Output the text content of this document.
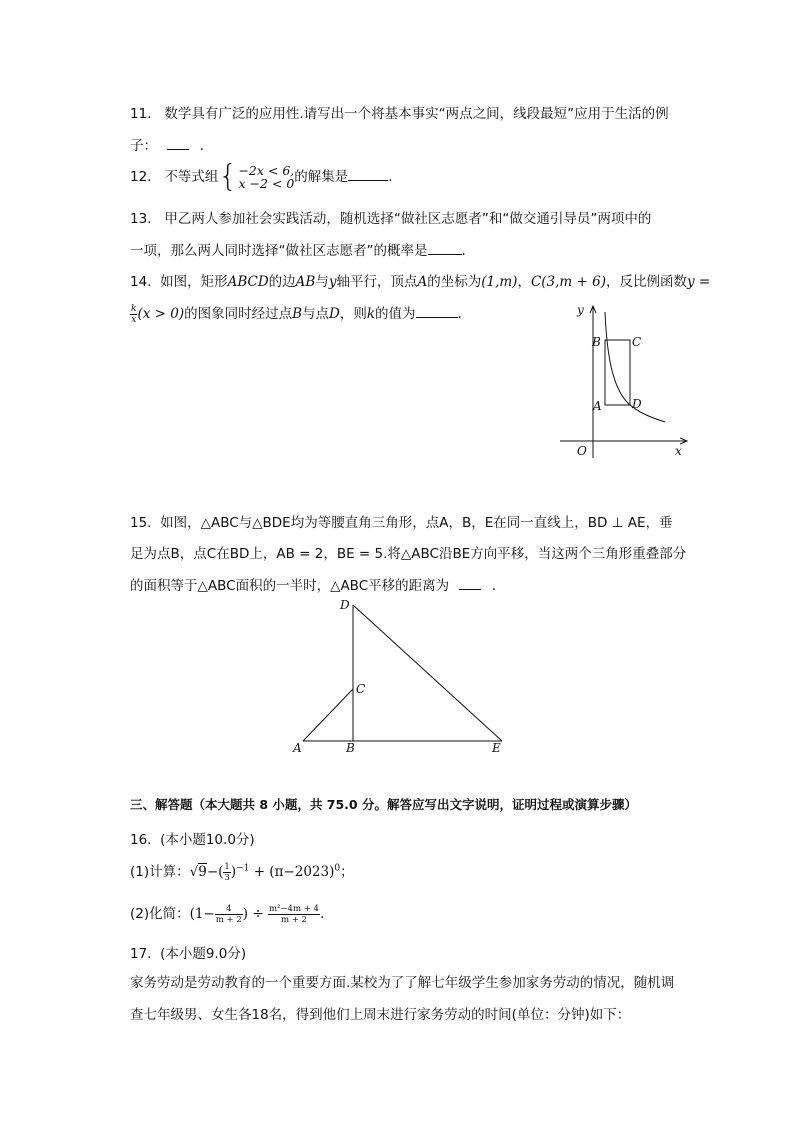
11. 数学具有广泛的应用性.请写出一个将基本事实“两点之间，线段最短”应用于生活的例
子：	.
12. 不等式组{ −2x < 6,
x −2 < 0 的解集是	.
13. 甲乙两人参加社会实践活动，随机选择“做社区志愿者”和“做交通引导员”两项中的
一项，那么两人同时选择“做社区志愿者”的概率是	.
14. 如图，矩形ABCD的边AB与y轴平行，顶点A的坐标为(1,m)，C(3,m + 6)，反比例函数y =
$\frac{k}{x} (x > 0)$的图象同时经过点B与点D，则k的值为	.	y
x
O
B	C
A	D
15. 如图，△ABC与△BDE均为等腰直角三角形，点A，B，E在同一直线上，BD ⊥ AE，垂
足为点B，点C在BD上，AB = 2，BE = 5.将△ABC沿BE方向平移，当这两个三角形重叠部分
的面积等于△ABC面积的一半时，△ABC平移的距离为	.
D
C
A	B	E
三、解答题（本大题共 8 小题，共 75.0 分。解答应写出文字说明，证明过程或演算步骤）
16. (本小题10.0分)
(1)计算：$√9-( \frac{1}{3} )^{-1} + (\pi-2023)^0$；
(2)化简：($1- \frac{4}{m + 2}$ ) ÷ $\frac{\text{m²−4m + 4}}{m + 2}$ .
17. (本小题9.0分)
家务劳动是劳动教育的一个重要方面.某校为了了解七年级学生参加家务劳动的情况，随机调
查七年级男、女生各18名，得到他们上周末进行家务劳动的时间(单位：分钟)如下：
